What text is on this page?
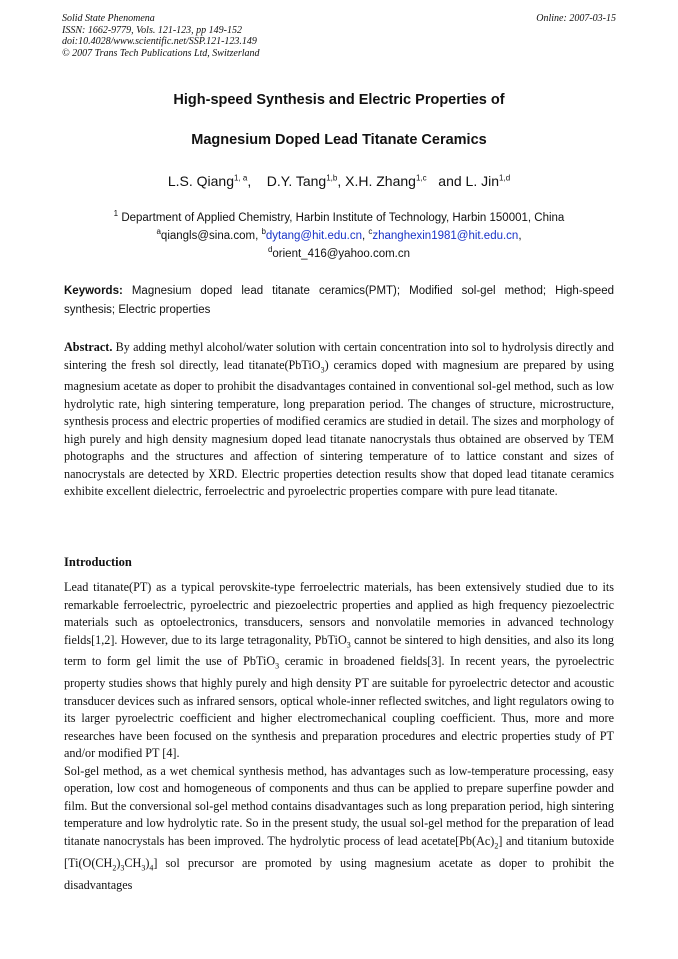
Solid State Phenomena
ISSN: 1662-9779, Vols. 121-123, pp 149-152
doi:10.4028/www.scientific.net/SSP.121-123.149
© 2007 Trans Tech Publications Ltd, Switzerland
Online: 2007-03-15
High-speed Synthesis and Electric Properties of
Magnesium Doped Lead Titanate Ceramics
L.S. Qiang$^{1, a}$,    D.Y. Tang$^{1,b}$, X.H. Zhang$^{1,c}$   and L. Jin$^{1,d}$
$^1$ Department of Applied Chemistry, Harbin Institute of Technology, Harbin 150001, China
$^a$qiangls@sina.com, $^b$dytang@hit.edu.cn, $^c$zhanghexin1981@hit.edu.cn,
$^d$orient_416@yahoo.com.cn
Keywords: Magnesium doped lead titanate ceramics(PMT); Modified sol-gel method; High-speed synthesis; Electric properties
Abstract. By adding methyl alcohol/water solution with certain concentration into sol to hydrolysis directly and sintering the fresh sol directly, lead titanate(PbTiO$_3$) ceramics doped with magnesium are prepared by using magnesium acetate as doper to prohibit the disadvantages contained in conventional sol-gel method, such as low hydrolytic rate, high sintering temperature, long preparation period. The changes of structure, microstructure, synthesis process and electric properties of modified ceramics are studied in detail. The sizes and morphology of high purely and high density magnesium doped lead titanate nanocrystals thus obtained are observed by TEM photographs and the structures and affection of sintering temperature of to lattice constant and sizes of nanocrystals are detected by XRD. Electric properties detection results show that doped lead titanate ceramics exhibite excellent dielectric, ferroelectric and pyroelectric properties compare with pure lead titanate.
Introduction
Lead titanate(PT) as a typical perovskite-type ferroelectric materials, has been extensively studied due to its remarkable ferroelectric, pyroelectric and piezoelectric properties and applied as high frequency piezoelectric materials such as optoelectronics, transducers, sensors and nonvolatile memories in advanced technology fields[1,2]. However, due to its large tetragonality, PbTiO$_3$ cannot be sintered to high densities, and also its long term to form gel limit the use of PbTiO$_3$ ceramic in broadened fields[3]. In recent years, the pyroelectric property studies shows that highly purely and high density PT are suitable for pyroelectric detector and acoustic transducer devices such as infrared sensors, optical whole-inner reflected switches, and light regulators owing to its larger pyroelectric coefficient and higher electromechanical coupling coefficient. Thus, more and more researches have been focused on the synthesis and preparation procedures and electric properties study of PT and/or modified PT [4].
Sol-gel method, as a wet chemical synthesis method, has advantages such as low-temperature processing, easy operation, low cost and homogeneous of components and thus can be applied to prepare superfine powder and film. But the conversional sol-gel method contains disadvantages such as long preparation period, high sintering temperature and low hydrolytic rate. So in the present study, the usual sol-gel method for the preparation of lead titanate nanocrystals has been improved. The hydrolytic process of lead $acetate[Pb(Ac)_2]$ and titanium butoxide $[Ti(O(CH_2)_3CH_3)_4]$ sol precursor are promoted by using magnesium acetate as doper to prohibit the disadvantages
